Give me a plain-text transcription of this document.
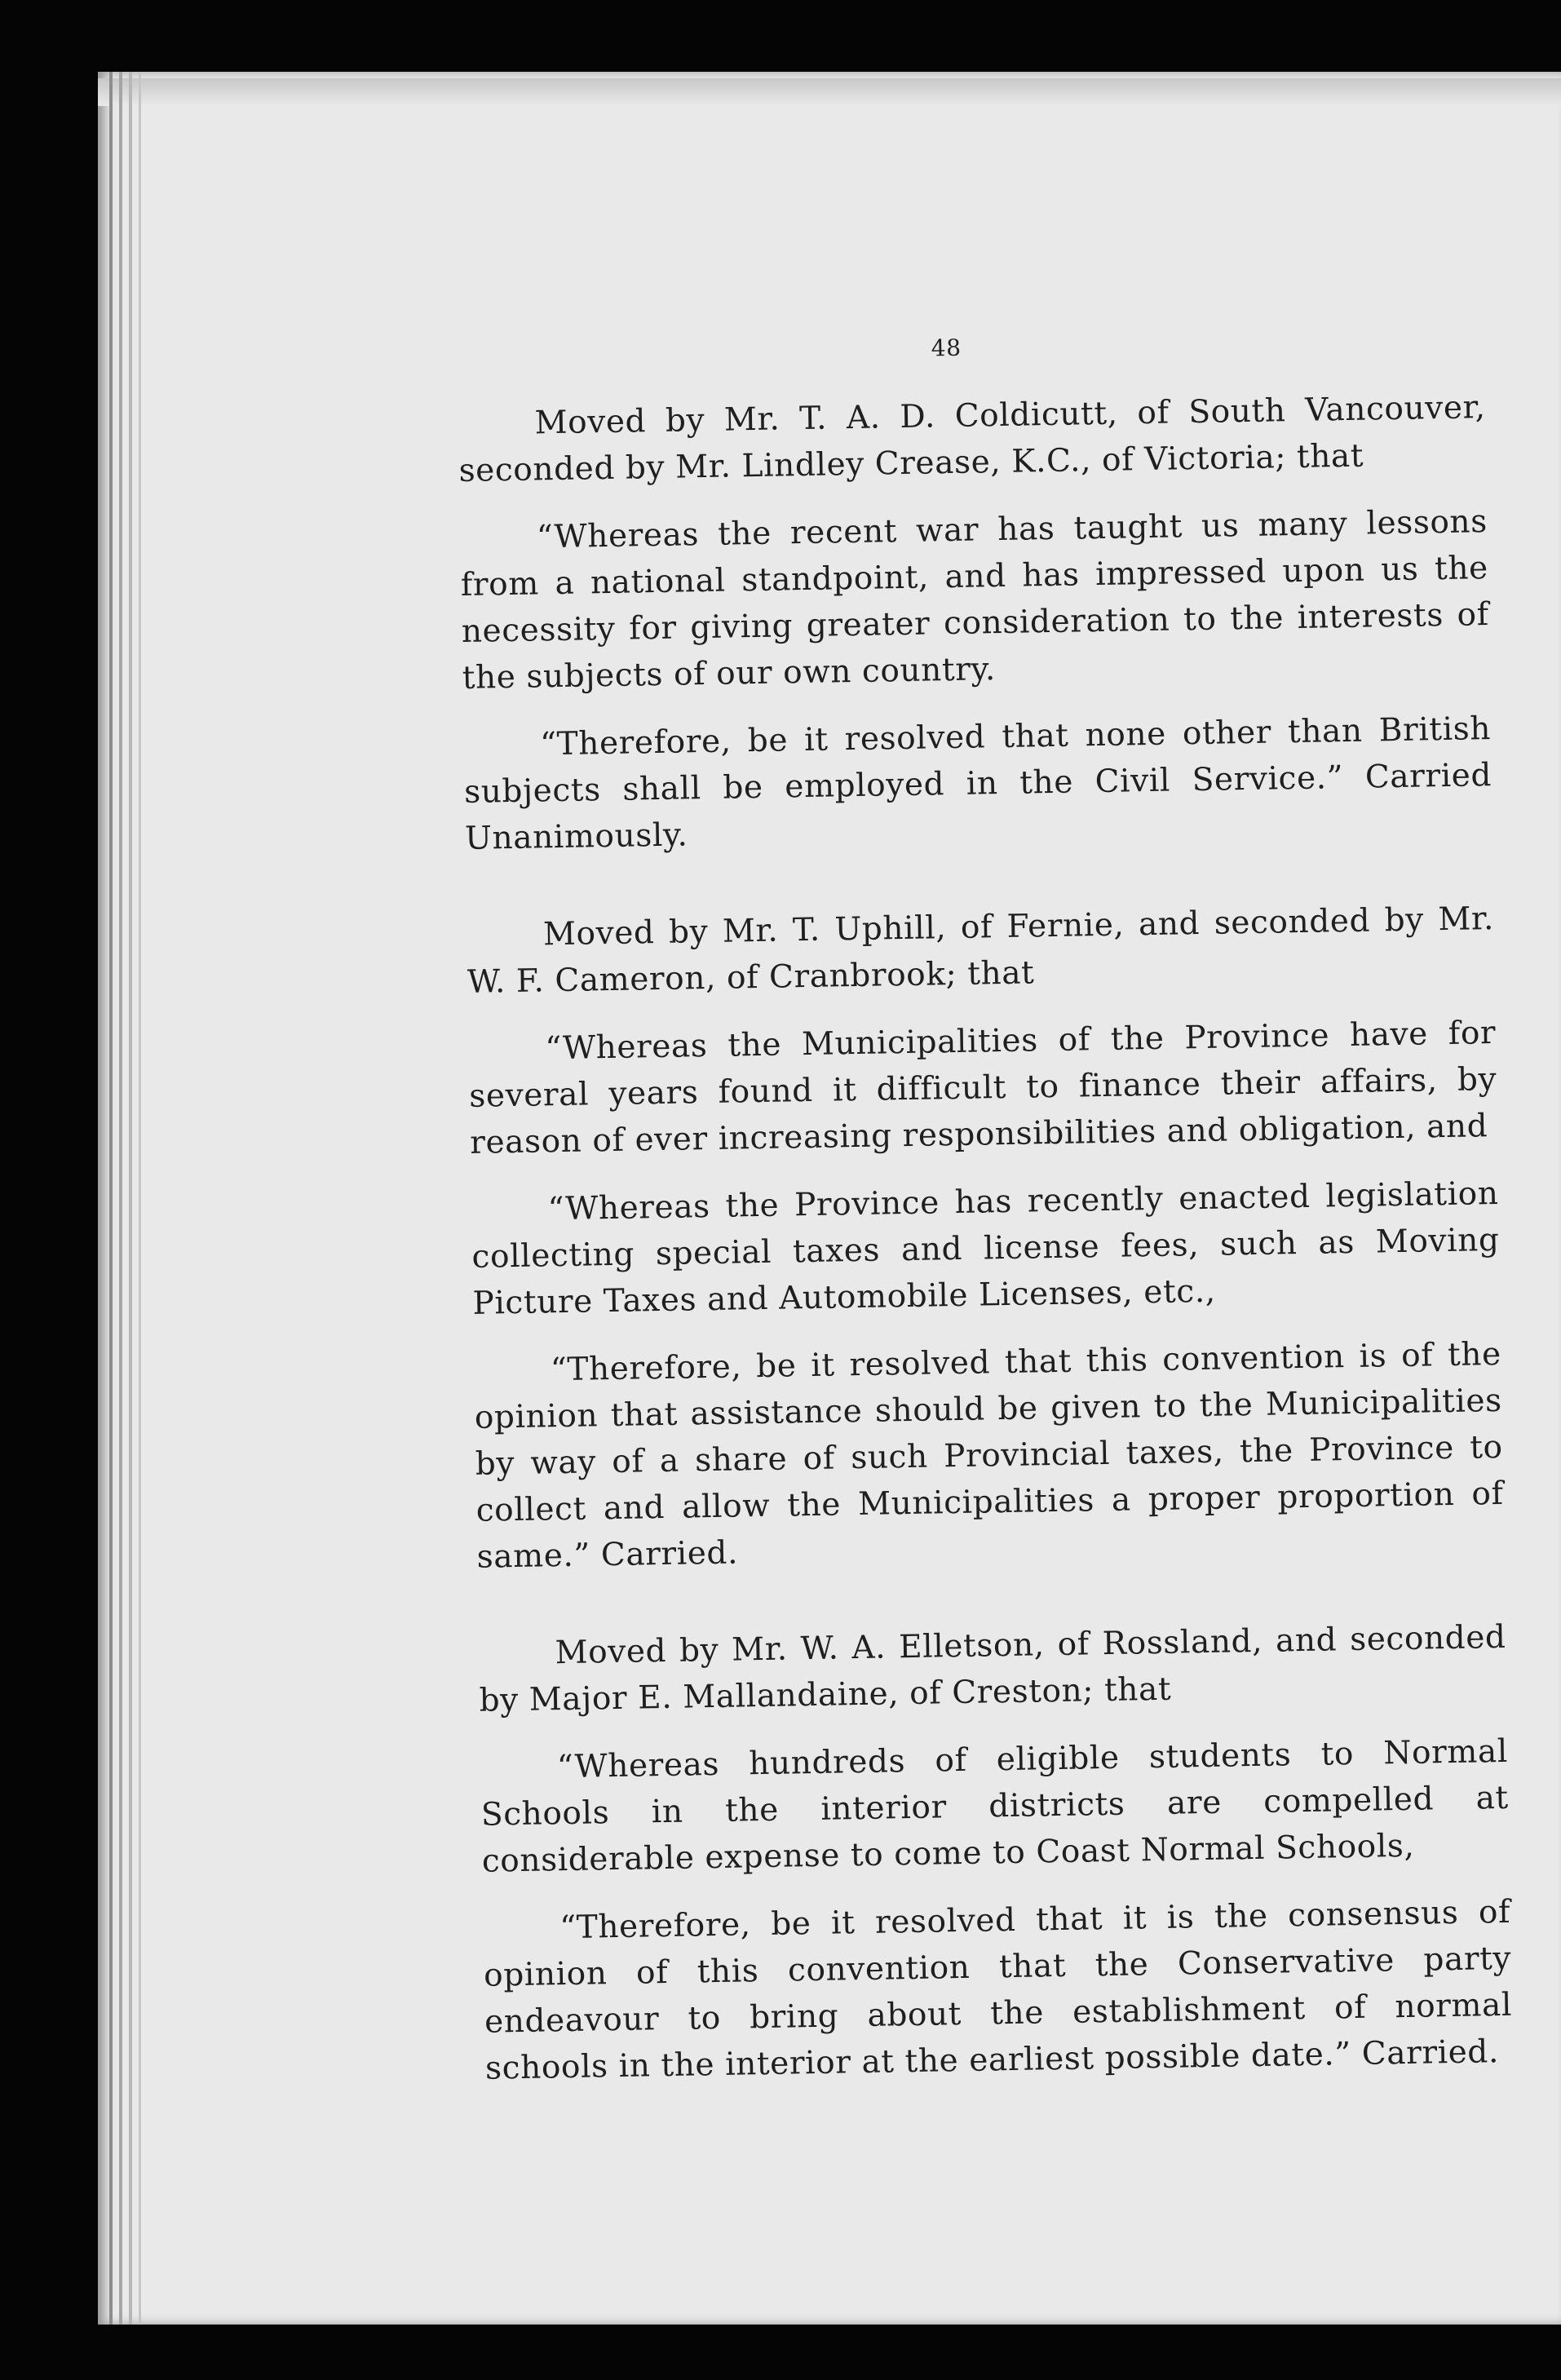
48

Moved by Mr. T. A. D. Coldicutt, of South Vancouver, seconded by Mr. Lindley Crease, K.C., of Victoria; that

“Whereas the recent war has taught us many lessons from a national standpoint, and has impressed upon us the necessity for giving greater consideration to the interests of the subjects of our own country.

“Therefore, be it resolved that none other than British subjects shall be employed in the Civil Service.” Carried Unanimously.

Moved by Mr. T. Uphill, of Fernie, and seconded by Mr. W. F. Cameron, of Cranbrook; that

“Whereas the Municipalities of the Province have for several years found it difficult to finance their affairs, by reason of ever increasing responsibilities and obligation, and

“Whereas the Province has recently enacted legislation collecting special taxes and license fees, such as Moving Picture Taxes and Automobile Licenses, etc.,

“Therefore, be it resolved that this convention is of the opinion that assistance should be given to the Municipalities by way of a share of such Provincial taxes, the Province to collect and allow the Municipalities a proper proportion of same.” Carried.

Moved by Mr. W. A. Elletson, of Rossland, and seconded by Major E. Mallandaine, of Creston; that

“Whereas hundreds of eligible students to Normal Schools in the interior districts are compelled at considerable expense to come to Coast Normal Schools,

“Therefore, be it resolved that it is the consensus of opinion of this convention that the Conservative party endeavour to bring about the establishment of normal schools in the interior at the earliest possible date.” Carried.
